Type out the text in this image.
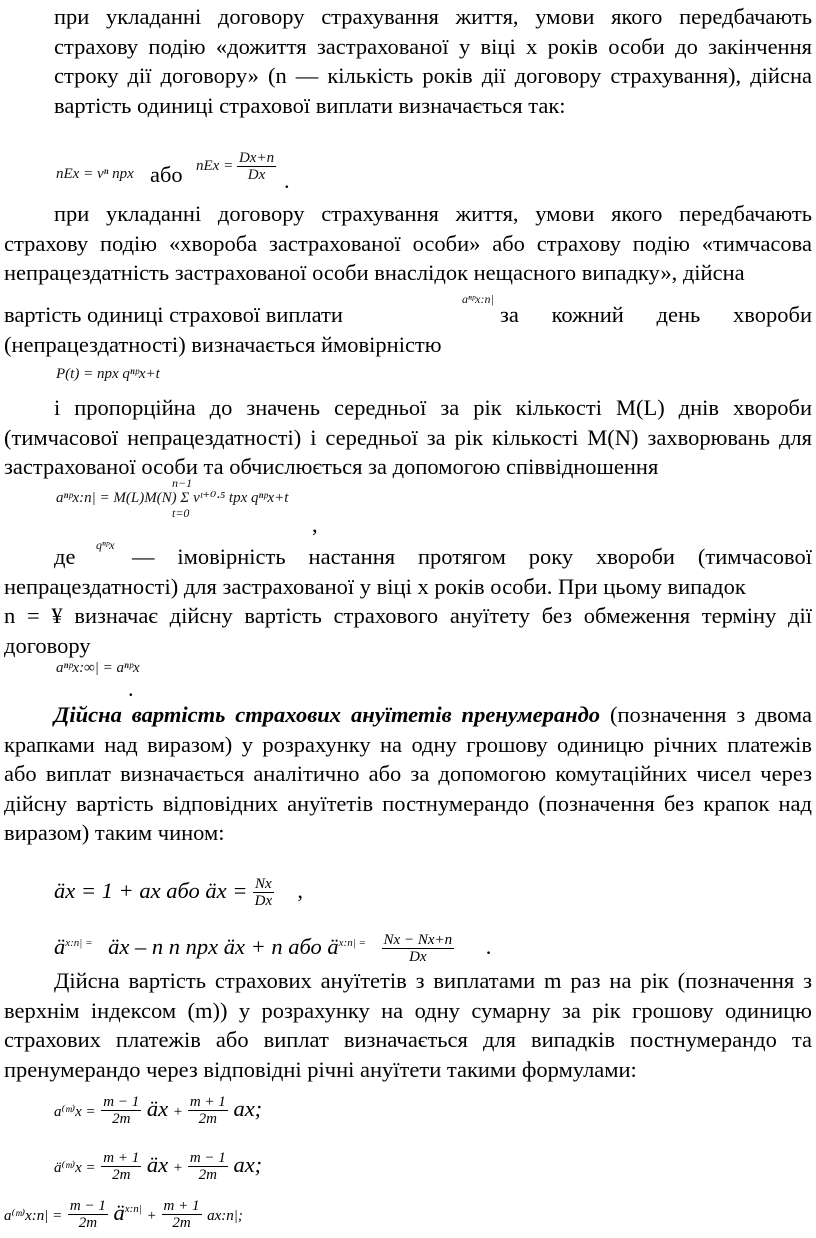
при укладанні договору страхування життя, умови якого передбачають страхову подію «дожиття застрахованої у віці x років особи до закінчення строку дії договору» (n — кількість років дії договору страхування), дійсна вартість одиниці страхової виплати визначається так:
nEx = vⁿ npx або nEx = $\frac{Dx+n}{Dx}$ .
при укладанні договору страхування життя, умови якого передбачають страхову подію «хвороба застрахованої особи» або страхову подію «тимчасова непрацездатність застрахованої особи внаслідок нещасного випадку», дійсна
вартість одиниці страхової виплати
aⁿᵖx:n|
за кожний день хвороби
(непрацездатності) визначається ймовірністю
P(t) = npx qⁿᵖx+t
і пропорційна до значень середньої за рік кількості M(L) днів хвороби (тимчасової непрацездатності) і середньої за рік кількості M(N) захворювань для застрахованої особи та обчислюється за допомогою співвідношення
aⁿᵖx:n| = M(L)M(N) Σ vᵗ⁺⁰·⁵ tpx qⁿᵖx+t
n−1
t=0	,
де qⁿᵖx — імовірність настання протягом року хвороби (тимчасової непрацездатності) для застрахованої у віці x років особи. При цьому випадок
n = ¥ визначає дійсну вартість страхового ануїтету без обмеження терміну дії договору
aⁿᵖx:∞| = aⁿᵖx
.
Дійсна вартість страхових ануїтетів пренумерандо (позначення з двома крапками над виразом) у розрахунку на одну грошову одиницю річних платежів або виплат визначається аналітично або за допомогою комутаційних чисел через дійсну вартість відповідних ануїтетів постнумерандо (позначення без крапок над виразом) таким чином:
äx = 1 + ax або äx = $\frac{Nx}{Dx}$ ,
$ä^{x:n| =}$ äx – n n npx äx + n або $ä^{x:n| =} \frac{Nx - Nx+n}{Dx}$ .
Дійсна вартість страхових ануїтетів з виплатами m раз на рік (позначення з верхнім індексом (m)) у розрахунку на одну сумарну за рік грошову одиницю страхових платежів або виплат визначається для випадків постнумерандо та пренумерандо через відповідні річні ануїтети такими формулами:
a⁽ᵐ⁾x = $\frac{m - 1}{2m}$ äx + $\frac{m + 1}{2m}$ ax;
ä⁽ᵐ⁾x = $\frac{m + 1}{2m}$ äx + $\frac{m - 1}{2m}$ ax;
a⁽ᵐ⁾x:n| = $\frac{m - 1}{2m}$ $ä^{x:n|} + \frac{m + 1}{2m}$ ax:n|;
